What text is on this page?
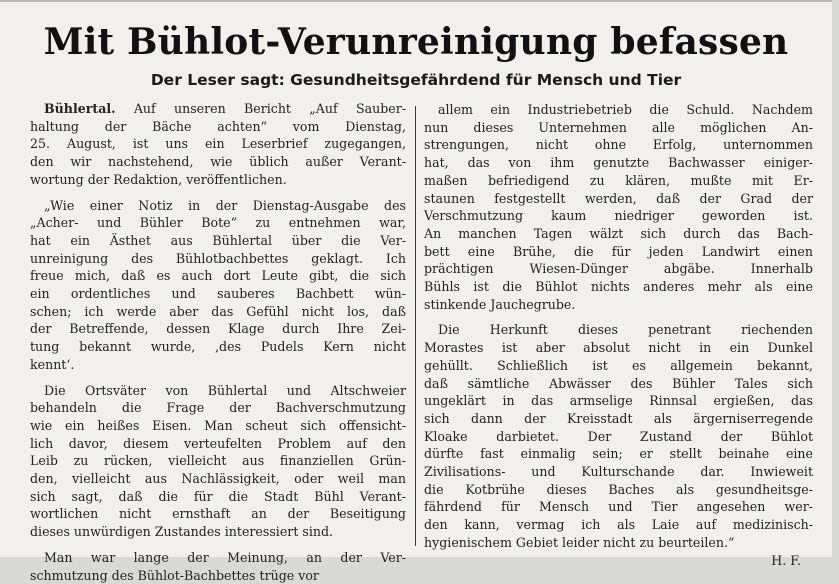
Mit Bühlot-Verunreinigung befassen
Der Leser sagt: Gesundheitsgefährdend für Mensch und Tier
Bühlertal. Auf unseren Bericht „Auf Sauber-
haltung der Bäche achten“ vom Dienstag,
25. August, ist uns ein Leserbrief zugegangen,
den wir nachstehend, wie üblich außer Verant-
wortung der Redaktion, veröffentlichen.
„Wie einer Notiz in der Dienstag-Ausgabe des
„Acher- und Bühler Bote“ zu entnehmen war,
hat ein Ästhet aus Bühlertal über die Ver-
unreinigung des Bühlotbachbettes geklagt. Ich
freue mich, daß es auch dort Leute gibt, die sich
ein ordentliches und sauberes Bachbett wün-
schen; ich werde aber das Gefühl nicht los, daß
der Betreffende, dessen Klage durch Ihre Zei-
tung bekannt wurde, ‚des Pudels Kern nicht
kennt‘.
Die Ortsväter von Bühlertal und Altschweier
behandeln die Frage der Bachverschmutzung
wie ein heißes Eisen. Man scheut sich offensicht-
lich davor, diesem verteufelten Problem auf den
Leib zu rücken, vielleicht aus finanziellen Grün-
den, vielleicht aus Nachlässigkeit, oder weil man
sich sagt, daß die für die Stadt Bühl Verant-
wortlichen nicht ernsthaft an der Beseitigung
dieses unwürdigen Zustandes interessiert sind.
Man war lange der Meinung, an der Ver-
schmutzung des Bühlot-Bachbettes trüge vor
allem ein Industriebetrieb die Schuld. Nachdem
nun dieses Unternehmen alle möglichen An-
strengungen, nicht ohne Erfolg, unternommen
hat, das von ihm genutzte Bachwasser einiger-
maßen befriedigend zu klären, mußte mit Er-
staunen festgestellt werden, daß der Grad der
Verschmutzung kaum niedriger geworden ist.
An manchen Tagen wälzt sich durch das Bach-
bett eine Brühe, die für jeden Landwirt einen
prächtigen Wiesen-Dünger abgäbe. Innerhalb
Bühls ist die Bühlot nichts anderes mehr als eine
stinkende Jauchegrube.
Die Herkunft dieses penetrant riechenden
Morastes ist aber absolut nicht in ein Dunkel
gehüllt. Schließlich ist es allgemein bekannt,
daß sämtliche Abwässer des Bühler Tales sich
ungeklärt in das armselige Rinnsal ergießen, das
sich dann der Kreisstadt als ärgerniserregende
Kloake darbietet. Der Zustand der Bühlot
dürfte fast einmalig sein; er stellt beinahe eine
Zivilisations- und Kulturschande dar. Inwieweit
die Kotbrühe dieses Baches als gesundheitsge-
fährdend für Mensch und Tier angesehen wer-
den kann, vermag ich als Laie auf medizinisch-
hygienischem Gebiet leider nicht zu beurteilen.“
H. F.
